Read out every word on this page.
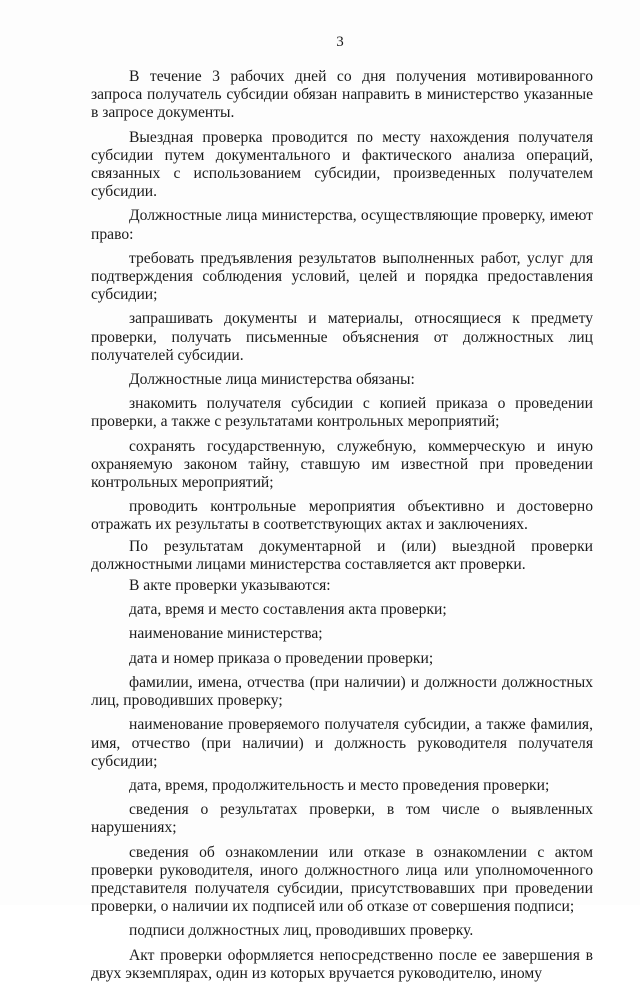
3

В течение 3 рабочих дней со дня получения мотивированного запроса получатель субсидии обязан направить в министерство указанные в запросе документы.

Выездная проверка проводится по месту нахождения получателя субсидии путем документального и фактического анализа операций, связанных с использованием субсидии, произведенных получателем субсидии.

Должностные лица министерства, осуществляющие проверку, имеют право:

требовать предъявления результатов выполненных работ, услуг для подтверждения соблюдения условий, целей и порядка предоставления субсидии;

запрашивать документы и материалы, относящиеся к предмету проверки, получать письменные объяснения от должностных лиц получателей субсидии.

Должностные лица министерства обязаны:

знакомить получателя субсидии с копией приказа о проведении проверки, а также с результатами контрольных мероприятий;

сохранять государственную, служебную, коммерческую и иную охраняемую законом тайну, ставшую им известной при проведении контрольных мероприятий;

проводить контрольные мероприятия объективно и достоверно отражать их результаты в соответствующих актах и заключениях.

По результатам документарной и (или) выездной проверки должностными лицами министерства составляется акт проверки.

В акте проверки указываются:

дата, время и место составления акта проверки;

наименование министерства;

дата и номер приказа о проведении проверки;

фамилии, имена, отчества (при наличии) и должности должностных лиц, проводивших проверку;

наименование проверяемого получателя субсидии, а также фамилия, имя, отчество (при наличии) и должность руководителя получателя субсидии;

дата, время, продолжительность и место проведения проверки;

сведения о результатах проверки, в том числе о выявленных нарушениях;

сведения об ознакомлении или отказе в ознакомлении с актом проверки руководителя, иного должностного лица или уполномоченного представителя получателя субсидии, присутствовавших при проведении проверки, о наличии их подписей или об отказе от совершения подписи;

подписи должностных лиц, проводивших проверку.

Акт проверки оформляется непосредственно после ее завершения в двух экземплярах, один из которых вручается руководителю, иному
